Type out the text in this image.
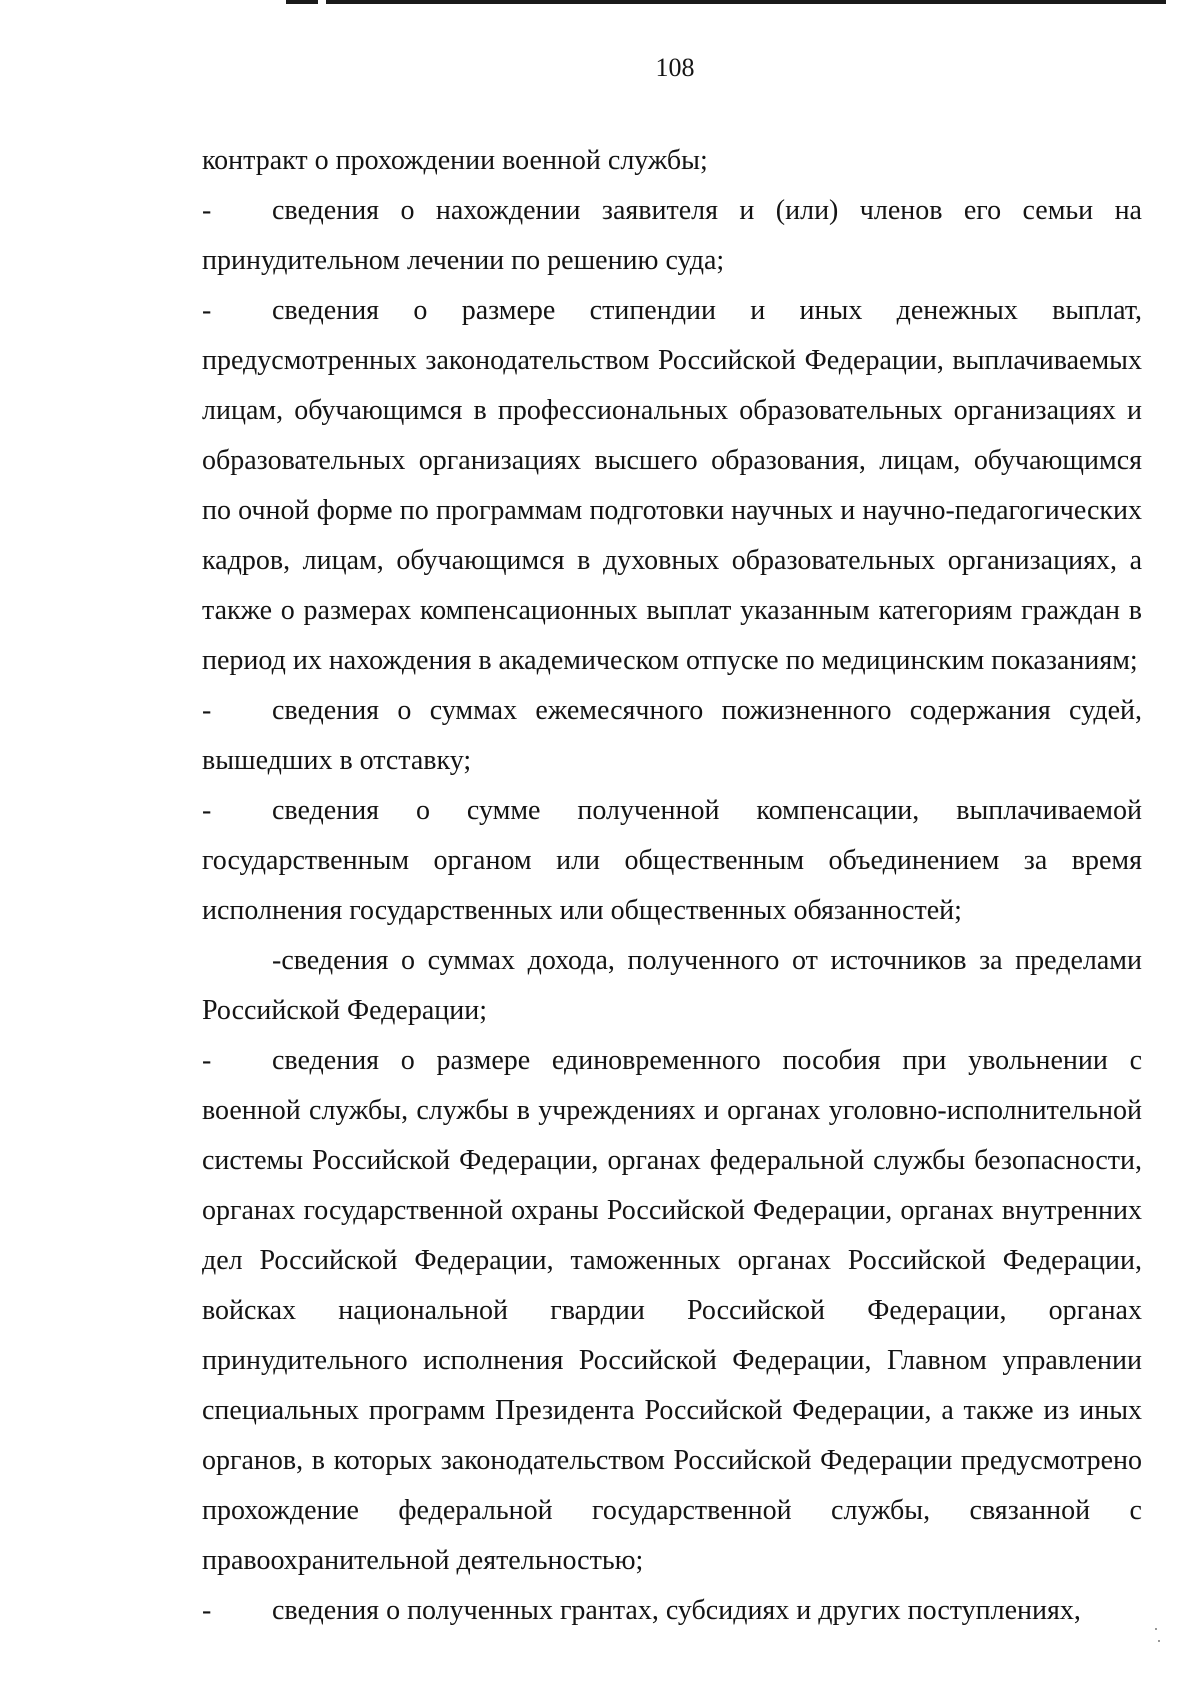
108

контракт о прохождении военной службы;

- сведения о нахождении заявителя и (или) членов его семьи на принудительном лечении по решению суда;

- сведения о размере стипендии и иных денежных выплат, предусмотренных законодательством Российской Федерации, выплачиваемых лицам, обучающимся в профессиональных образовательных организациях и образовательных организациях высшего образования, лицам, обучающимся по очной форме по программам подготовки научных и научно-педагогических кадров, лицам, обучающимся в духовных образовательных организациях, а также о размерах компенсационных выплат указанным категориям граждан в период их нахождения в академическом отпуске по медицинским показаниям;

- сведения о суммах ежемесячного пожизненного содержания судей, вышедших в отставку;

- сведения о сумме полученной компенсации, выплачиваемой государственным органом или общественным объединением за время исполнения государственных или общественных обязанностей;

-сведения о суммах дохода, полученного от источников за пределами Российской Федерации;

- сведения о размере единовременного пособия при увольнении с военной службы, службы в учреждениях и органах уголовно-исполнительной системы Российской Федерации, органах федеральной службы безопасности, органах государственной охраны Российской Федерации, органах внутренних дел Российской Федерации, таможенных органах Российской Федерации, войсках национальной гвардии Российской Федерации, органах принудительного исполнения Российской Федерации, Главном управлении специальных программ Президента Российской Федерации, а также из иных органов, в которых законодательством Российской Федерации предусмотрено прохождение федеральной государственной службы, связанной с правоохранительной деятельностью;

- сведения о полученных грантах, субсидиях и других поступлениях,
